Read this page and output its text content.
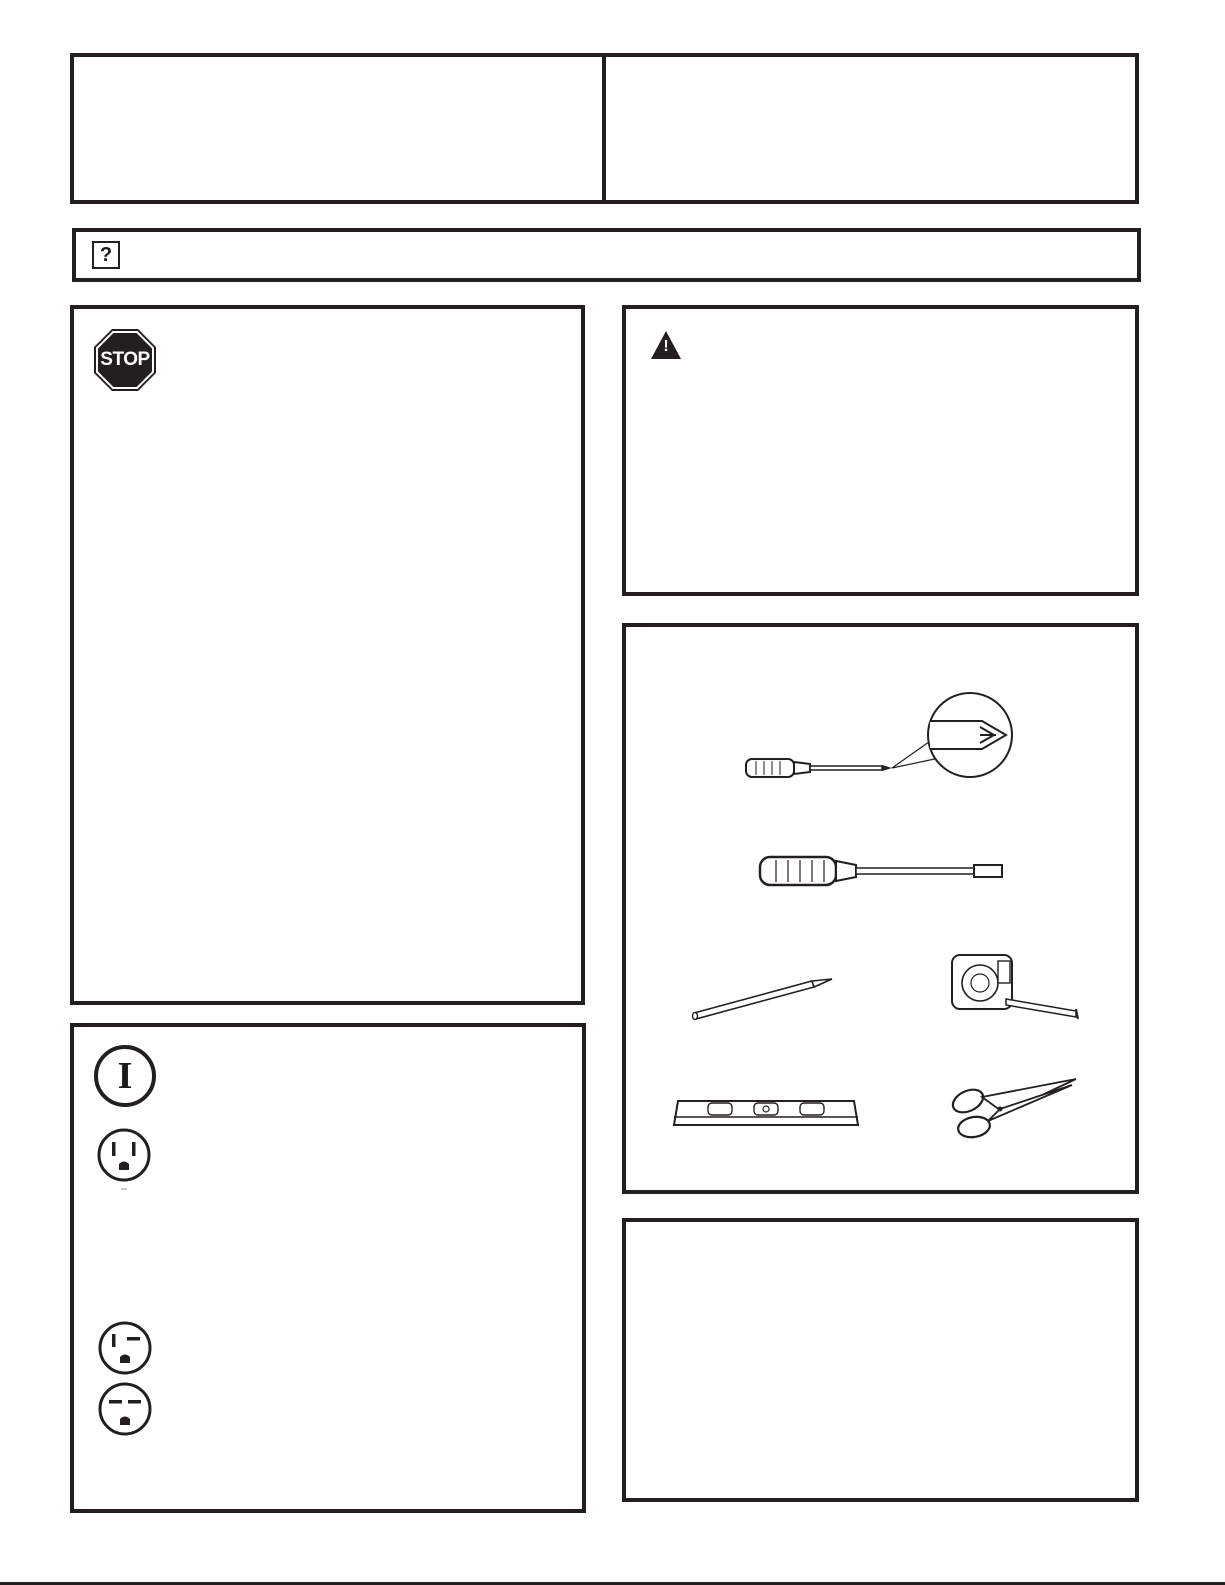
?
STOP
!
I
